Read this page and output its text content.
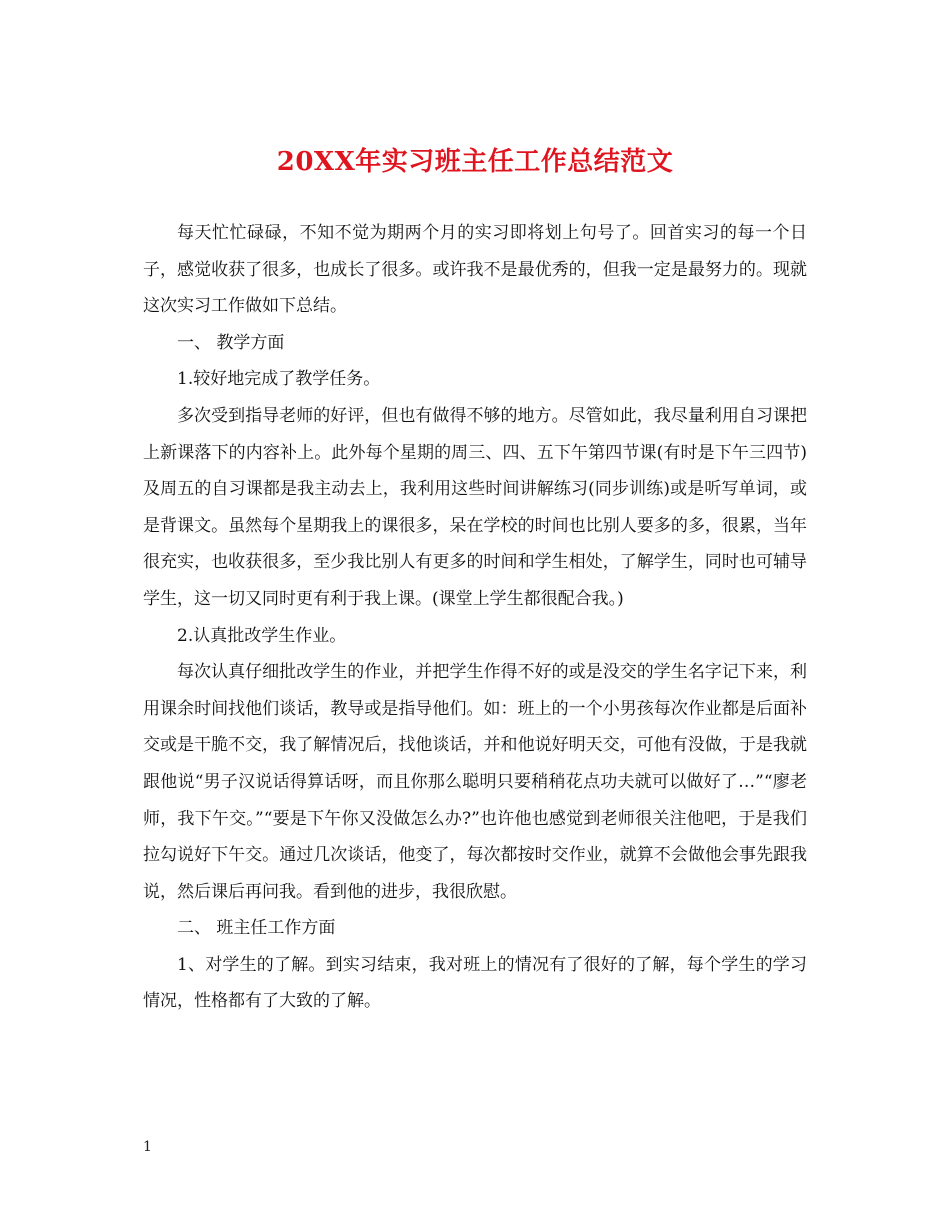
20XX年实习班主任工作总结范文

每天忙忙碌碌，不知不觉为期两个月的实习即将划上句号了。回首实习的每一个日子，感觉收获了很多，也成长了很多。或许我不是最优秀的，但我一定是最努力的。现就这次实习工作做如下总结。

一、 教学方面

1.较好地完成了教学任务。

多次受到指导老师的好评，但也有做得不够的地方。尽管如此，我尽量利用自习课把上新课落下的内容补上。此外每个星期的周三、四、五下午第四节课(有时是下午三四节)及周五的自习课都是我主动去上，我利用这些时间讲解练习(同步训练)或是听写单词，或是背课文。虽然每个星期我上的课很多，呆在学校的时间也比别人要多的多，很累，当年很充实，也收获很多，至少我比别人有更多的时间和学生相处，了解学生，同时也可辅导学生，这一切又同时更有利于我上课。(课堂上学生都很配合我。)

2.认真批改学生作业。

每次认真仔细批改学生的作业，并把学生作得不好的或是没交的学生名字记下来，利用课余时间找他们谈话，教导或是指导他们。如：班上的一个小男孩每次作业都是后面补交或是干脆不交，我了解情况后，找他谈话，并和他说好明天交，可他有没做，于是我就跟他说“男子汉说话得算话呀，而且你那么聪明只要稍稍花点功夫就可以做好了…”“廖老师，我下午交。”“要是下午你又没做怎么办?”也许他也感觉到老师很关注他吧，于是我们拉勾说好下午交。通过几次谈话，他变了，每次都按时交作业，就算不会做他会事先跟我说，然后课后再问我。看到他的进步，我很欣慰。

二、 班主任工作方面

1、对学生的了解。到实习结束，我对班上的情况有了很好的了解，每个学生的学习情况，性格都有了大致的了解。

1
